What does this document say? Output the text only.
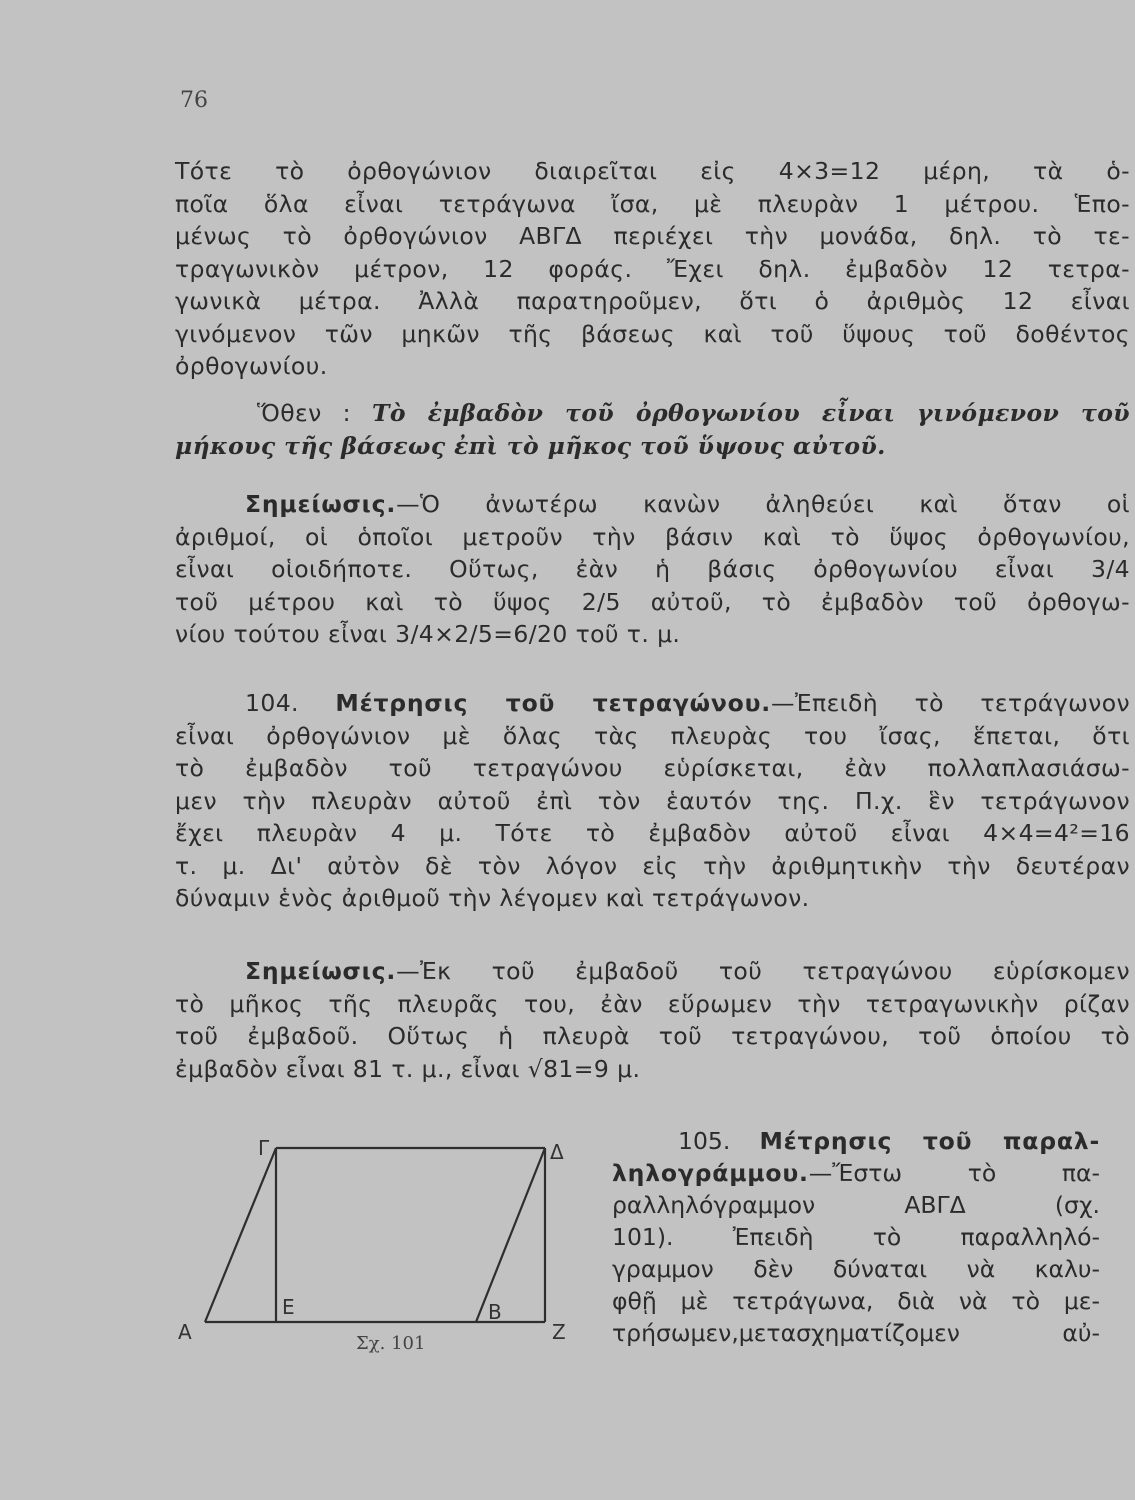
76
Τότε τὸ ὀρθογώνιον διαιρεῖται εἰς 4×3=12 μέρη, τὰ ὁ-
ποῖα ὅλα εἶναι τετράγωνα ἴσα, μὲ πλευρὰν 1 μέτρου. Ἑπο-
μένως τὸ ὀρθογώνιον ΑΒΓΔ περιέχει τὴν μονάδα, δηλ. τὸ τε-
τραγωνικὸν μέτρον, 12 φοράς. Ἔχει δηλ. ἐμβαδὸν 12 τετρα-
γωνικὰ μέτρα. Ἀλλὰ παρατηροῦμεν, ὅτι ὁ ἀριθμὸς 12 εἶναι
γινόμενον τῶν μηκῶν τῆς βάσεως καὶ τοῦ ὕψους τοῦ δοθέντος
ὀρθογωνίου.
Ὅθεν : Τὸ ἐμβαδὸν τοῦ ὀρθογωνίου εἶναι γινόμενον τοῦ
μήκους τῆς βάσεως ἐπὶ τὸ μῆκος τοῦ ὕψους αὐτοῦ.
Σημείωσις.—Ὁ ἀνωτέρω κανὼν ἀληθεύει καὶ ὅταν οἱ
ἀριθμοί, οἱ ὁποῖοι μετροῦν τὴν βάσιν καὶ τὸ ὕψος ὀρθογωνίου,
εἶναι οἱοιδήποτε. Οὕτως, ἐὰν ἡ βάσις ὀρθογωνίου εἶναι 3/4
τοῦ μέτρου καὶ τὸ ὕψος 2/5 αὐτοῦ, τὸ ἐμβαδὸν τοῦ ὀρθογω-
νίου τούτου εἶναι 3/4×2/5=6/20 τοῦ τ. μ.
104. Μέτρησις τοῦ τετραγώνου.—Ἐπειδὴ τὸ τετράγωνον
εἶναι ὀρθογώνιον μὲ ὅλας τὰς πλευρὰς του ἴσας, ἕπεται, ὅτι
τὸ ἐμβαδὸν τοῦ τετραγώνου εὑρίσκεται, ἐὰν πολλαπλασιάσω-
μεν τὴν πλευρὰν αὐτοῦ ἐπὶ τὸν ἑαυτόν της. Π.χ. ἓν τετράγωνον
ἔχει πλευρὰν 4 μ. Τότε τὸ ἐμβαδὸν αὐτοῦ εἶναι 4×4=4²=16
τ. μ. Δι' αὐτὸν δὲ τὸν λόγον εἰς τὴν ἀριθμητικὴν τὴν δευτέραν
δύναμιν ἑνὸς ἀριθμοῦ τὴν λέγομεν καὶ τετράγωνον.
Σημείωσις.—Ἐκ τοῦ ἐμβαδοῦ τοῦ τετραγώνου εὑρίσκομεν
τὸ μῆκος τῆς πλευρᾶς του, ἐὰν εὕρωμεν τὴν τετραγωνικὴν ρίζαν
τοῦ ἐμβαδοῦ. Οὕτως ἡ πλευρὰ τοῦ τετραγώνου, τοῦ ὁποίου τὸ
ἐμβαδὸν εἶναι 81 τ. μ., εἶναι √81=9 μ.
Γ	Δ
Α
Ε	Β
Ζ
Σχ. 101
105. Μέτρησις τοῦ παραλ-
ληλογράμμου.—Ἔστω τὸ πα-
ραλληλόγραμμον ΑΒΓΔ (σχ.
101). Ἐπειδὴ τὸ παραλληλό-
γραμμον δὲν δύναται νὰ καλυ-
φθῇ μὲ τετράγωνα, διὰ νὰ τὸ με-
τρήσωμεν,μετασχηματίζομεν αὐ-
